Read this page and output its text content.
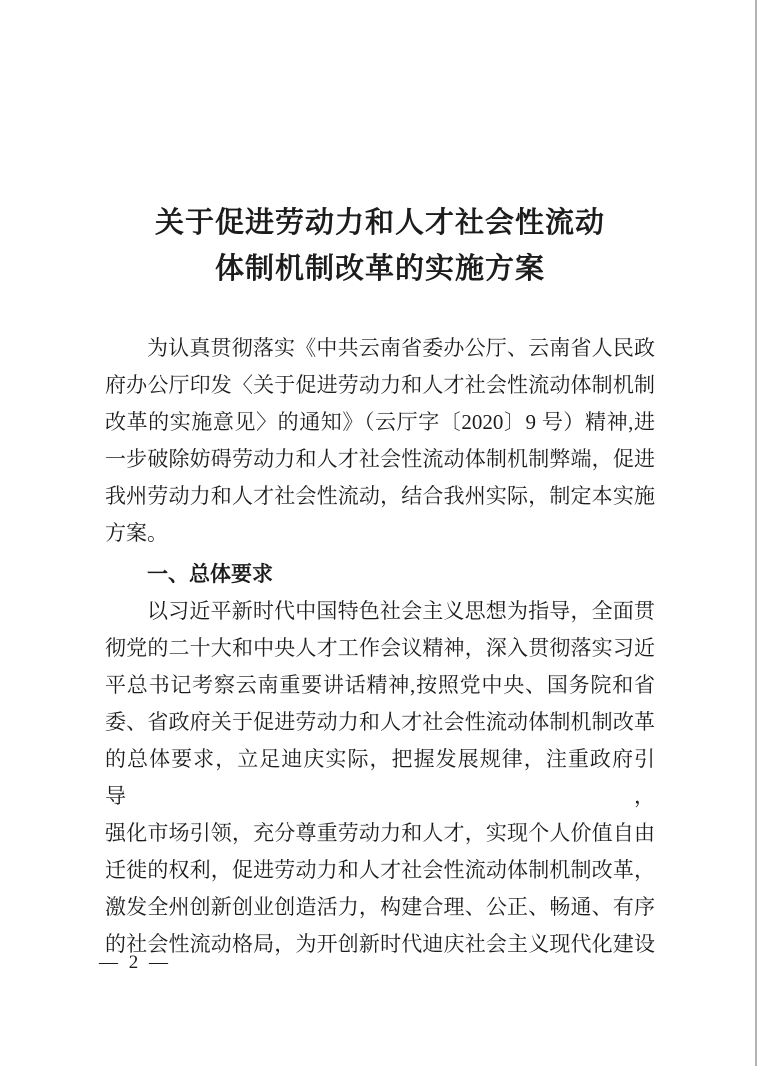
关于促进劳动力和人才社会性流动
体制机制改革的实施方案
为认真贯彻落实《中共云南省委办公厅、云南省人民政
府办公厅印发〈关于促进劳动力和人才社会性流动体制机制
改革的实施意见〉的通知》（云厅字〔2020〕9 号）精神,进
一步破除妨碍劳动力和人才社会性流动体制机制弊端，促进
我州劳动力和人才社会性流动，结合我州实际，制定本实施
方案。
一、总体要求
以习近平新时代中国特色社会主义思想为指导，全面贯
彻党的二十大和中央人才工作会议精神，深入贯彻落实习近
平总书记考察云南重要讲话精神,按照党中央、国务院和省
委、省政府关于促进劳动力和人才社会性流动体制机制改革
的总体要求，立足迪庆实际，把握发展规律，注重政府引导，
强化市场引领，充分尊重劳动力和人才，实现个人价值自由
迁徙的权利，促进劳动力和人才社会性流动体制机制改革，
激发全州创新创业创造活力，构建合理、公正、畅通、有序
的社会性流动格局，为开创新时代迪庆社会主义现代化建设
— 2 —
